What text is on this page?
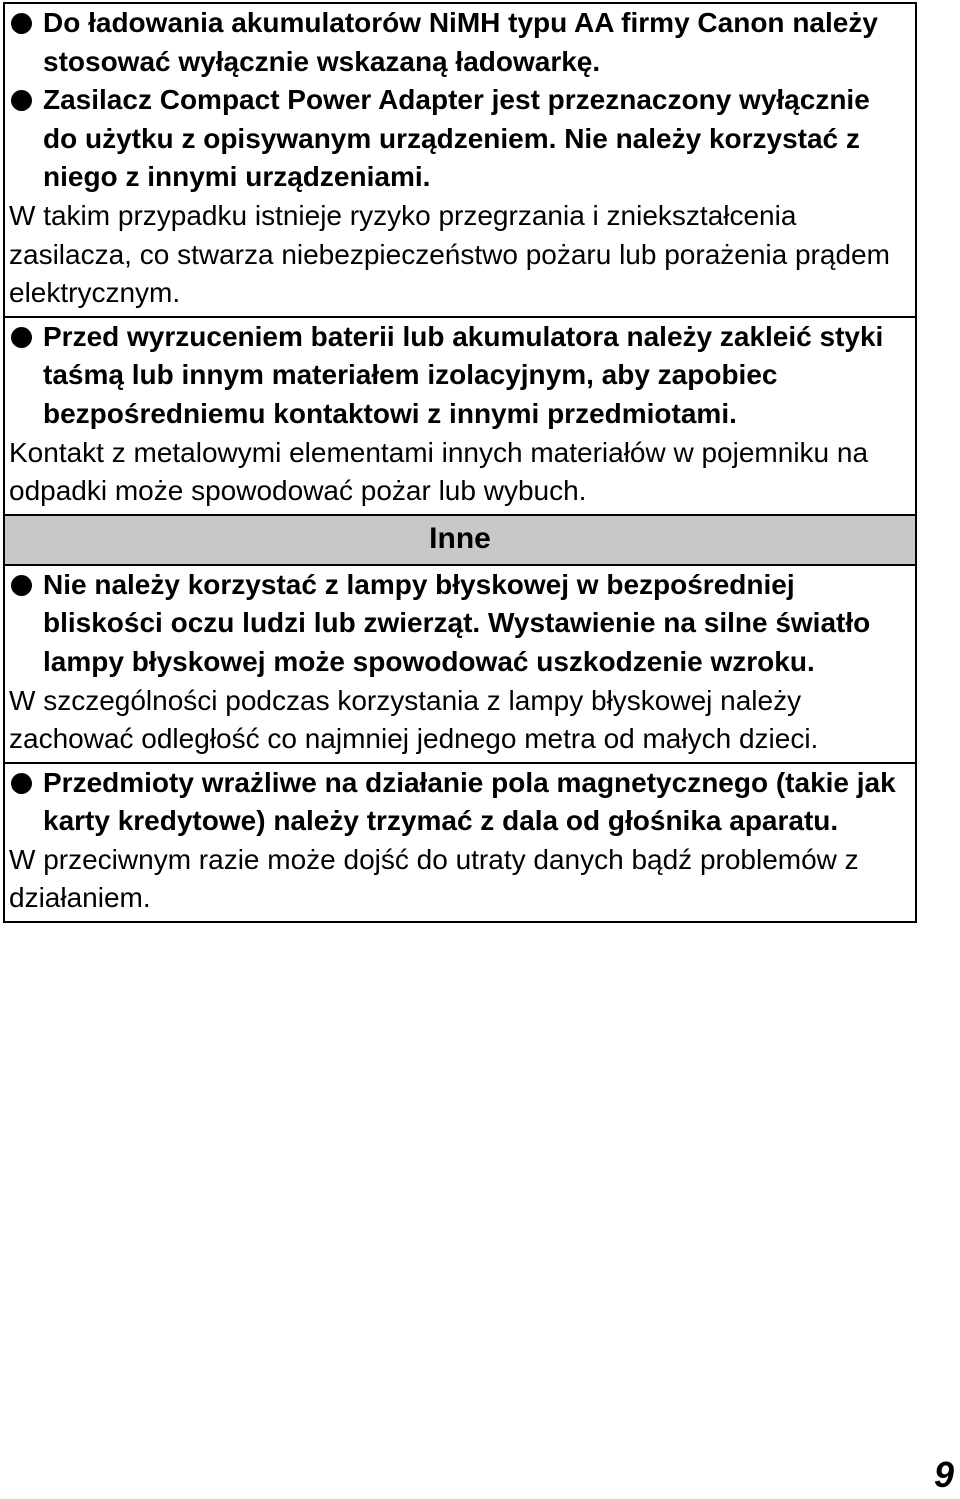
Do ładowania akumulatorów NiMH typu AA firmy Canon należy stosować wyłącznie wskazaną ładowarkę.
Zasilacz Compact Power Adapter jest przeznaczony wyłącznie do użytku z opisywanym urządzeniem. Nie należy korzystać z niego z innymi urządzeniami.
W takim przypadku istnieje ryzyko przegrzania i zniekształcenia zasilacza, co stwarza niebezpieczeństwo pożaru lub porażenia prądem elektrycznym.
Przed wyrzuceniem baterii lub akumulatora należy zakleić styki taśmą lub innym materiałem izolacyjnym, aby zapobiec bezpośredniemu kontaktowi z innymi przedmiotami.
Kontakt z metalowymi elementami innych materiałów w pojemniku na odpadki może spowodować pożar lub wybuch.
Inne
Nie należy korzystać z lampy błyskowej w bezpośredniej bliskości oczu ludzi lub zwierząt. Wystawienie na silne światło lampy błyskowej może spowodować uszkodzenie wzroku.
W szczególności podczas korzystania z lampy błyskowej należy zachować odległość co najmniej jednego metra od małych dzieci.
Przedmioty wrażliwe na działanie pola magnetycznego (takie jak karty kredytowe) należy trzymać z dala od głośnika aparatu.
W przeciwnym razie może dojść do utraty danych bądź problemów z działaniem.
9
